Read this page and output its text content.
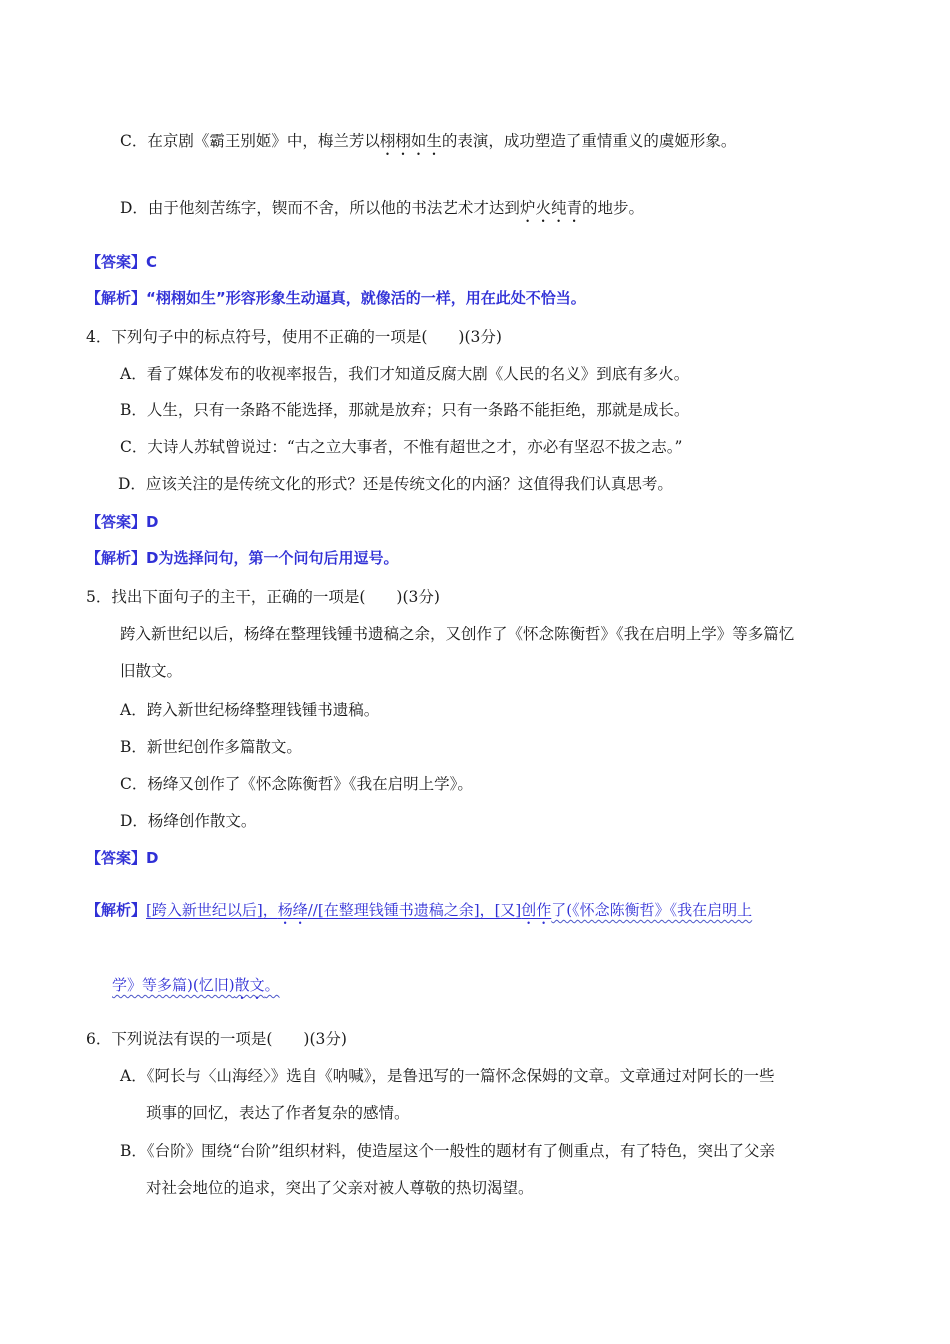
C．在京剧《霸王别姬》中，梅兰芳以栩栩如生的表演，成功塑造了重情重义的虞姬形象。
D．由于他刻苦练字，锲而不舍，所以他的书法艺术才达到炉火纯青的地步。
【答案】C
【解析】“栩栩如生”形容形象生动逼真，就像活的一样，用在此处不恰当。
4．下列句子中的标点符号，使用不正确的一项是(　　)(3分)
A．看了媒体发布的收视率报告，我们才知道反腐大剧《人民的名义》到底有多火。
B．人生，只有一条路不能选择，那就是放弃；只有一条路不能拒绝，那就是成长。
C．大诗人苏轼曾说过：“古之立大事者，不惟有超世之才，亦必有坚忍不拔之志。”
D．应该关注的是传统文化的形式？还是传统文化的内涵？这值得我们认真思考。
【答案】D
【解析】D为选择问句，第一个问句后用逗号。
5．找出下面句子的主干，正确的一项是(　　)(3分)
跨入新世纪以后，杨绛在整理钱锺书遗稿之余，又创作了《怀念陈衡哲》《我在启明上学》等多篇忆
旧散文。
A．跨入新世纪杨绛整理钱锺书遗稿。
B．新世纪创作多篇散文。
C．杨绛又创作了《怀念陈衡哲》《我在启明上学》。
D．杨绛创作散文。
【答案】D
【解析】[跨入新世纪以后]，杨绛//[在整理钱锺书遗稿之余]，[又]创作了(《怀念陈衡哲》《我在启明上
学》等多篇)(忆旧)散文。
6．下列说法有误的一项是(　　)(3分)
A．《阿长与〈山海经〉》选自《呐喊》，是鲁迅写的一篇怀念保姆的文章。文章通过对阿长的一些
琐事的回忆，表达了作者复杂的感情。
B．《台阶》围绕“台阶”组织材料，使造屋这个一般性的题材有了侧重点，有了特色，突出了父亲
对社会地位的追求，突出了父亲对被人尊敬的热切渴望。
